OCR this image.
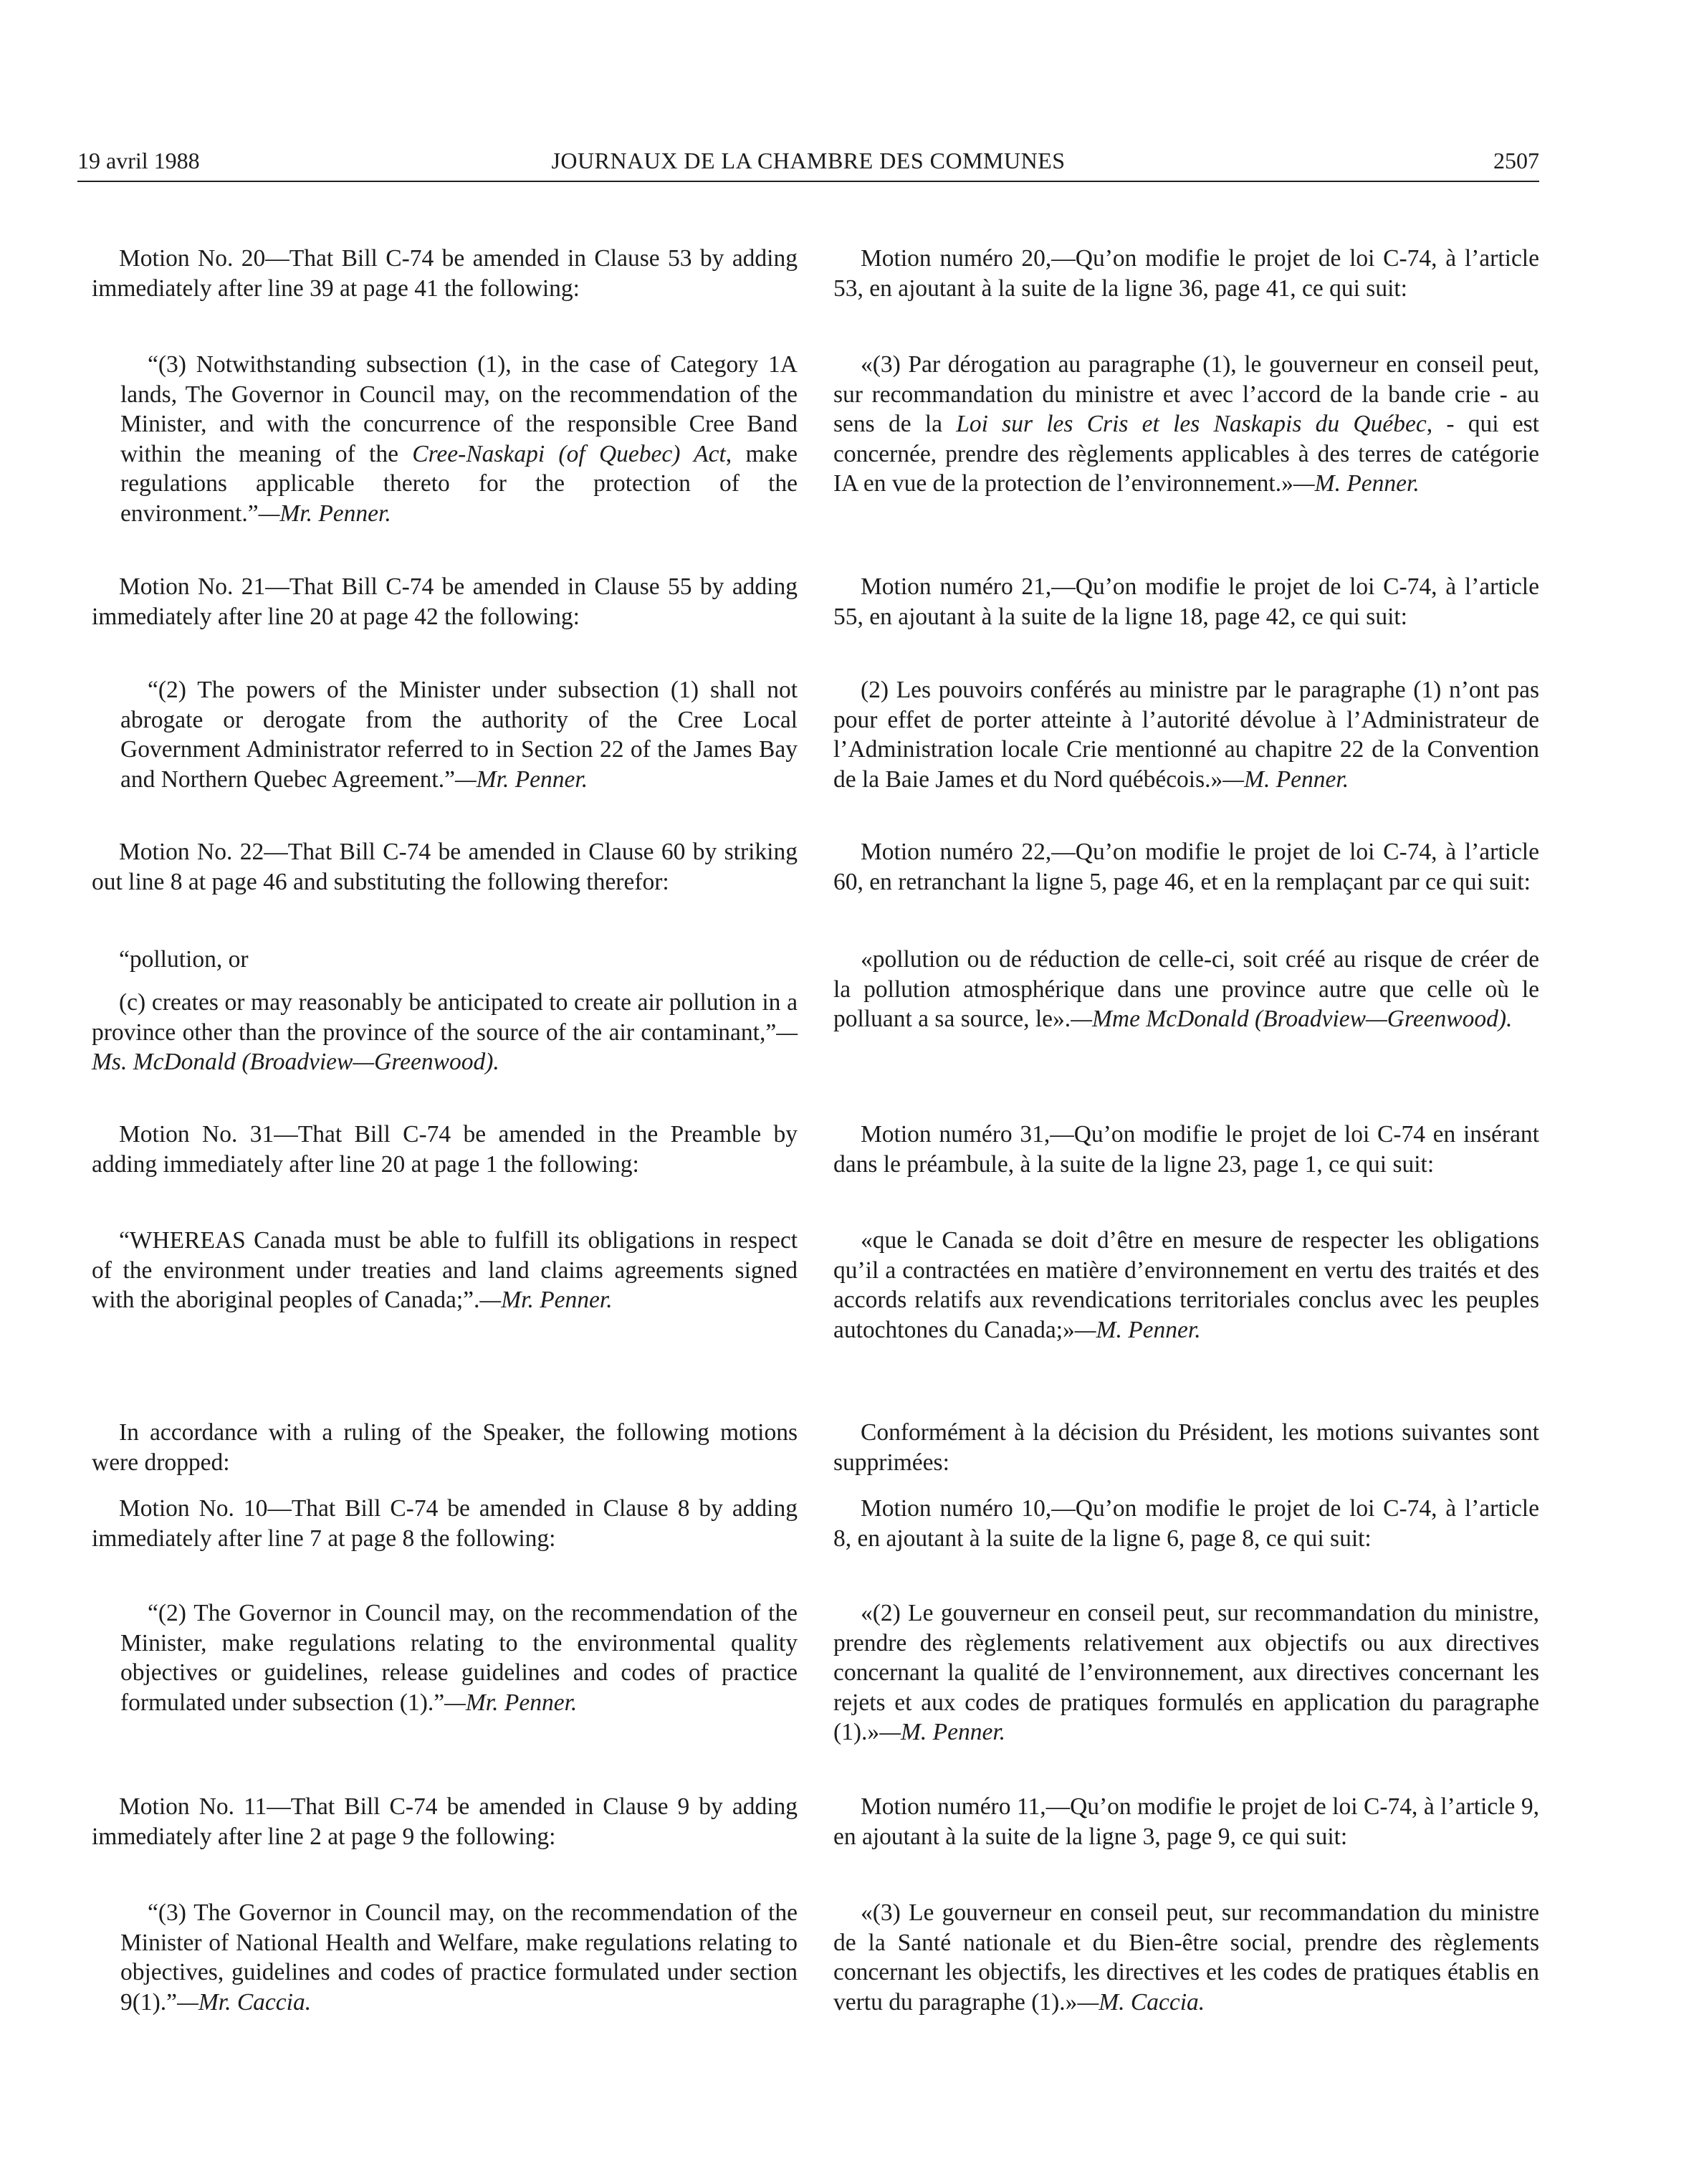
19 avril 1988	JOURNAUX DE LA CHAMBRE DES COMMUNES	2507

Motion No. 20—That Bill C-74 be amended in Clause 53 by adding immediately after line 39 at page 41 the following:

“(3) Notwithstanding subsection (1), in the case of Category 1A lands, The Governor in Council may, on the recommendation of the Minister, and with the concurrence of the responsible Cree Band within the meaning of the Cree-Naskapi (of Quebec) Act, make regulations applicable thereto for the protection of the environment.”—Mr. Penner.

Motion No. 21—That Bill C-74 be amended in Clause 55 by adding immediately after line 20 at page 42 the following:

“(2) The powers of the Minister under subsection (1) shall not abrogate or derogate from the authority of the Cree Local Government Administrator referred to in Section 22 of the James Bay and Northern Quebec Agreement.”—Mr. Penner.

Motion No. 22—That Bill C-74 be amended in Clause 60 by striking out line 8 at page 46 and substituting the following therefor:

“pollution, or

(c) creates or may reasonably be anticipated to create air pollution in a province other than the province of the source of the air contaminant,”—Ms. McDonald (Broadview—Greenwood).

Motion No. 31—That Bill C-74 be amended in the Preamble by adding immediately after line 20 at page 1 the following:

“WHEREAS Canada must be able to fulfill its obligations in respect of the environment under treaties and land claims agreements signed with the aboriginal peoples of Canada;”.—Mr. Penner.

In accordance with a ruling of the Speaker, the following motions were dropped:

Motion No. 10—That Bill C-74 be amended in Clause 8 by adding immediately after line 7 at page 8 the following:

“(2) The Governor in Council may, on the recommendation of the Minister, make regulations relating to the environmental quality objectives or guidelines, release guidelines and codes of practice formulated under subsection (1).”—Mr. Penner.

Motion No. 11—That Bill C-74 be amended in Clause 9 by adding immediately after line 2 at page 9 the following:

“(3) The Governor in Council may, on the recommendation of the Minister of National Health and Welfare, make regulations relating to objectives, guidelines and codes of practice formulated under section 9(1).”—Mr. Caccia.

Motion numéro 20,—Qu’on modifie le projet de loi C-74, à l’article 53, en ajoutant à la suite de la ligne 36, page 41, ce qui suit:

«(3) Par dérogation au paragraphe (1), le gouverneur en conseil peut, sur recommandation du ministre et avec l’accord de la bande crie - au sens de la Loi sur les Cris et les Naskapis du Québec, - qui est concernée, prendre des règlements applicables à des terres de catégorie IA en vue de la protection de l’environnement.»—M. Penner.

Motion numéro 21,—Qu’on modifie le projet de loi C-74, à l’article 55, en ajoutant à la suite de la ligne 18, page 42, ce qui suit:

(2) Les pouvoirs conférés au ministre par le paragraphe (1) n’ont pas pour effet de porter atteinte à l’autorité dévolue à l’Administrateur de l’Administration locale Crie mentionné au chapitre 22 de la Convention de la Baie James et du Nord québécois.»—M. Penner.

Motion numéro 22,—Qu’on modifie le projet de loi C-74, à l’article 60, en retranchant la ligne 5, page 46, et en la remplaçant par ce qui suit:

«pollution ou de réduction de celle-ci, soit créé au risque de créer de la pollution atmosphérique dans une province autre que celle où le polluant a sa source, le».—Mme McDonald (Broadview—Greenwood).

Motion numéro 31,—Qu’on modifie le projet de loi C-74 en insérant dans le préambule, à la suite de la ligne 23, page 1, ce qui suit:

«que le Canada se doit d’être en mesure de respecter les obligations qu’il a contractées en matière d’environnement en vertu des traités et des accords relatifs aux revendications territoriales conclus avec les peuples autochtones du Canada;»—M. Penner.

Conformément à la décision du Président, les motions suivantes sont supprimées:

Motion numéro 10,—Qu’on modifie le projet de loi C-74, à l’article 8, en ajoutant à la suite de la ligne 6, page 8, ce qui suit:

«(2) Le gouverneur en conseil peut, sur recommandation du ministre, prendre des règlements relativement aux objectifs ou aux directives concernant la qualité de l’environnement, aux directives concernant les rejets et aux codes de pratiques formulés en application du paragraphe (1).»—M. Penner.

Motion numéro 11,—Qu’on modifie le projet de loi C-74, à l’article 9, en ajoutant à la suite de la ligne 3, page 9, ce qui suit:

«(3) Le gouverneur en conseil peut, sur recommandation du ministre de la Santé nationale et du Bien-être social, prendre des règlements concernant les objectifs, les directives et les codes de pratiques établis en vertu du paragraphe (1).»—M. Caccia.
